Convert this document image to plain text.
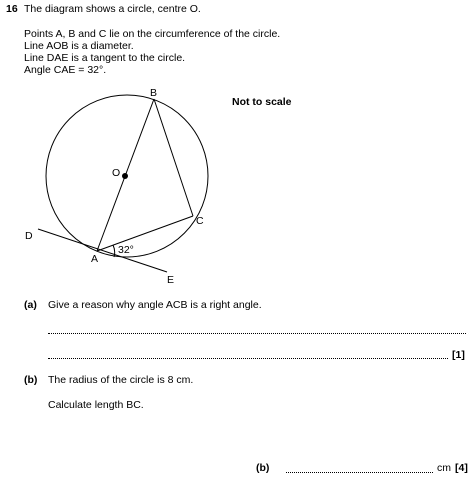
16 The diagram shows a circle, centre O.
Points A, B and C lie on the circumference of the circle.
Line AOB is a diameter.
Line DAE is a tangent to the circle.
Angle CAE = 32°.
Not to scale
B
O
C
D
A
E
32°
(a) Give a reason why angle ACB is a right angle.
[1]
(b) The radius of the circle is 8 cm.
Calculate length BC.
(b)	cm [4]
